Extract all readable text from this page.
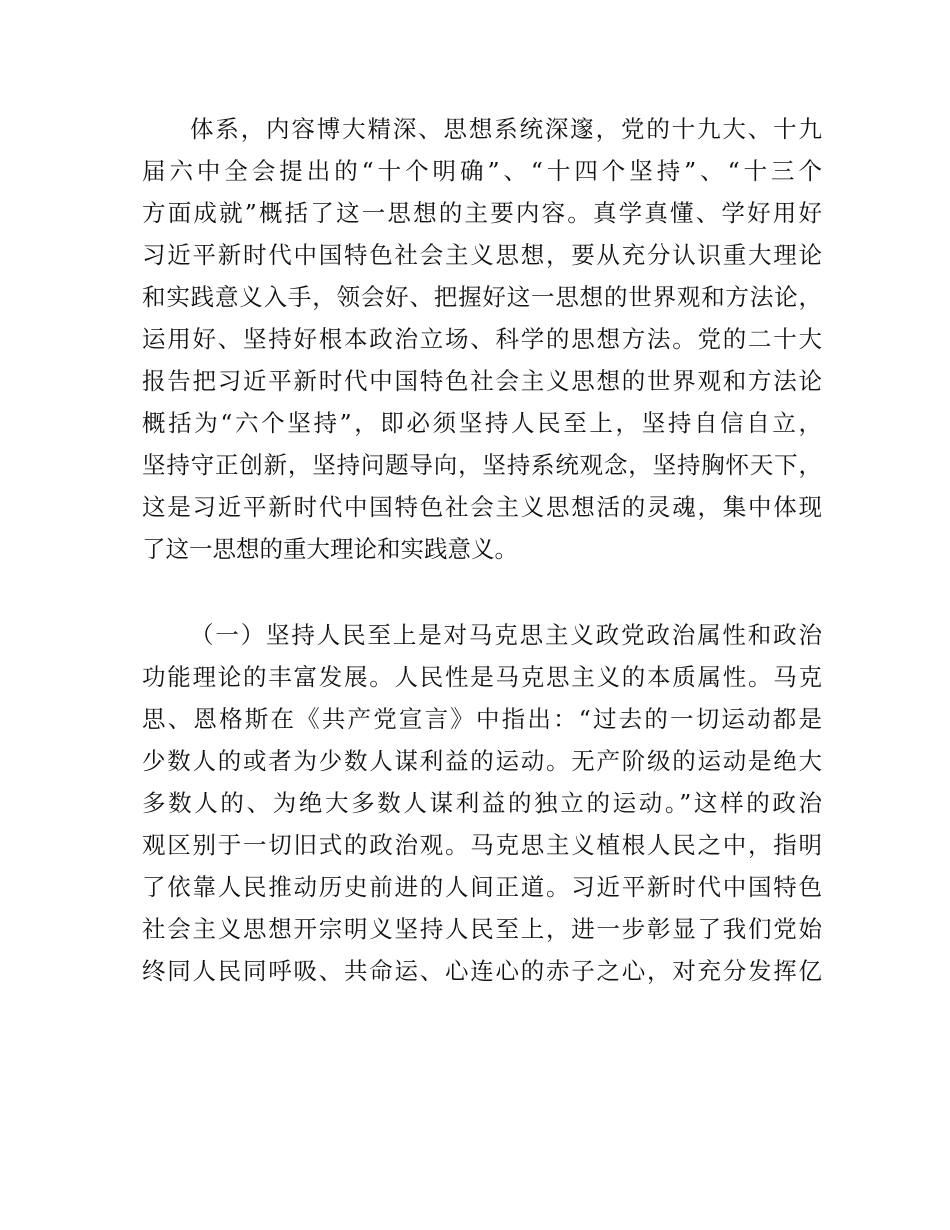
体系，内容博大精深、思想系统深邃，党的十九大、十九
届六中全会提出的“十个明确”、“十四个坚持”、“十三个
方面成就”概括了这一思想的主要内容。真学真懂、学好用好
习近平新时代中国特色社会主义思想，要从充分认识重大理论
和实践意义入手，领会好、把握好这一思想的世界观和方法论，
运用好、坚持好根本政治立场、科学的思想方法。党的二十大
报告把习近平新时代中国特色社会主义思想的世界观和方法论
概括为“六个坚持”，即必须坚持人民至上，坚持自信自立，
坚持守正创新，坚持问题导向，坚持系统观念，坚持胸怀天下，
这是习近平新时代中国特色社会主义思想活的灵魂，集中体现
了这一思想的重大理论和实践意义。
（一）坚持人民至上是对马克思主义政党政治属性和政治
功能理论的丰富发展。人民性是马克思主义的本质属性。马克
思、恩格斯在《共产党宣言》中指出：“过去的一切运动都是
少数人的或者为少数人谋利益的运动。无产阶级的运动是绝大
多数人的、为绝大多数人谋利益的独立的运动。”这样的政治
观区别于一切旧式的政治观。马克思主义植根人民之中，指明
了依靠人民推动历史前进的人间正道。习近平新时代中国特色
社会主义思想开宗明义坚持人民至上，进一步彰显了我们党始
终同人民同呼吸、共命运、心连心的赤子之心，对充分发挥亿
